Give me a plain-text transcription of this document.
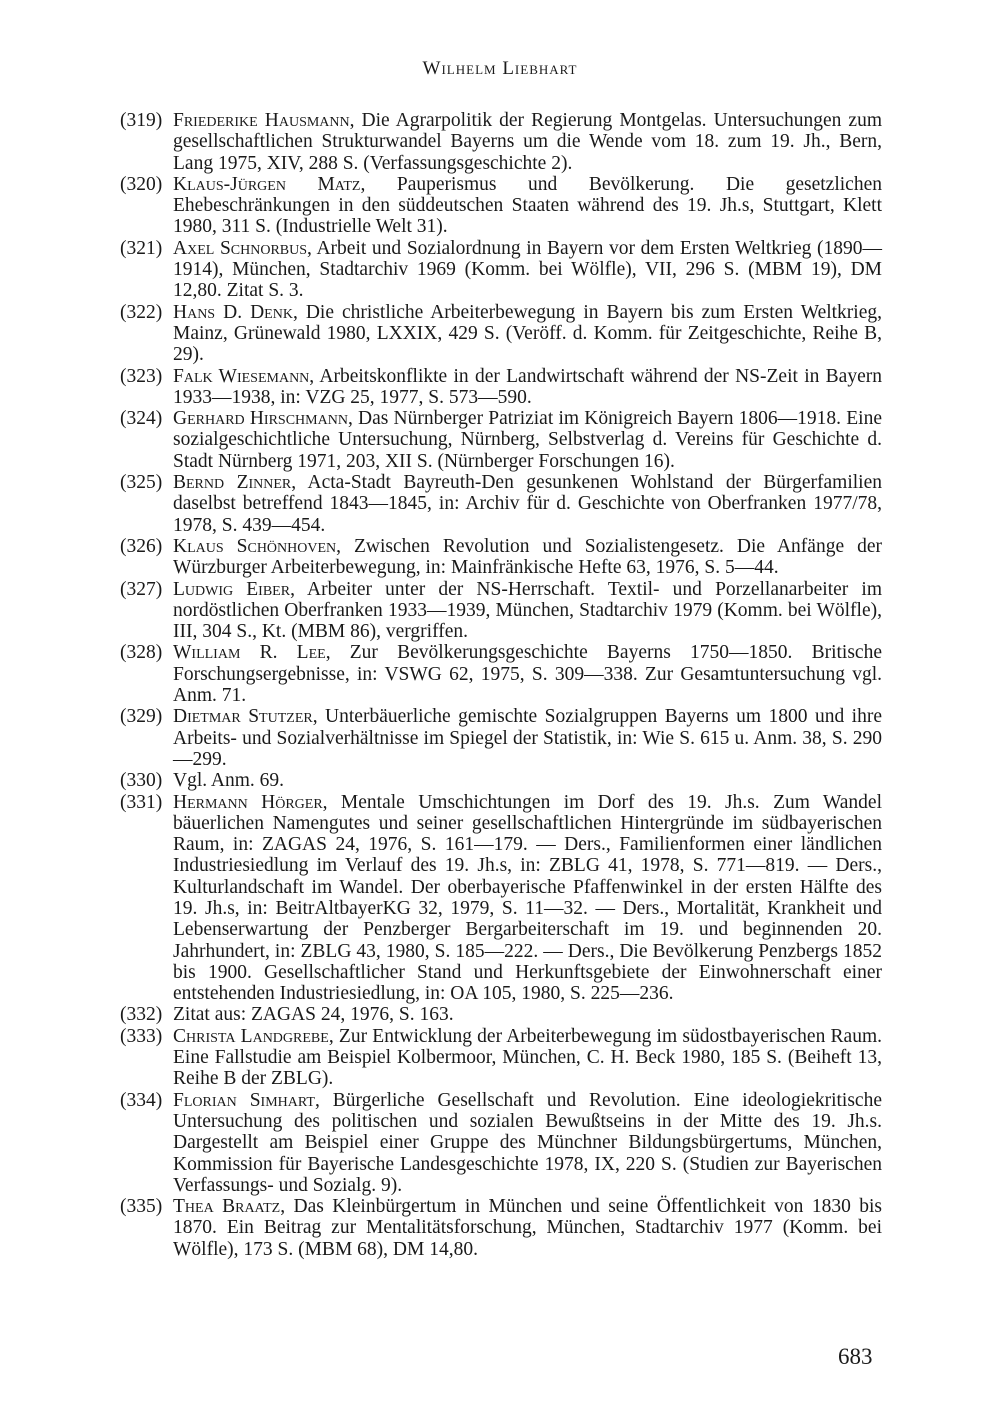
Wilhelm Liebhart
(319) Friederike Hausmann, Die Agrarpolitik der Regierung Montgelas. Untersuchungen zum gesellschaftlichen Strukturwandel Bayerns um die Wende vom 18. zum 19. Jh., Bern, Lang 1975, XIV, 288 S. (Verfassungsgeschichte 2).
(320) Klaus-Jürgen Matz, Pauperismus und Bevölkerung. Die gesetzlichen Ehebeschränkungen in den süddeutschen Staaten während des 19. Jh.s, Stuttgart, Klett 1980, 311 S. (Industrielle Welt 31).
(321) Axel Schnorbus, Arbeit und Sozialordnung in Bayern vor dem Ersten Weltkrieg (1890—1914), München, Stadtarchiv 1969 (Komm. bei Wölfle), VII, 296 S. (MBM 19), DM 12,80. Zitat S. 3.
(322) Hans D. Denk, Die christliche Arbeiterbewegung in Bayern bis zum Ersten Weltkrieg, Mainz, Grünewald 1980, LXXIX, 429 S. (Veröff. d. Komm. für Zeitgeschichte, Reihe B, 29).
(323) Falk Wiesemann, Arbeitskonflikte in der Landwirtschaft während der NS-Zeit in Bayern 1933—1938, in: VZG 25, 1977, S. 573—590.
(324) Gerhard Hirschmann, Das Nürnberger Patriziat im Königreich Bayern 1806—1918. Eine sozialgeschichtliche Untersuchung, Nürnberg, Selbstverlag d. Vereins für Geschichte d. Stadt Nürnberg 1971, 203, XII S. (Nürnberger Forschungen 16).
(325) Bernd Zinner, Acta-Stadt Bayreuth-Den gesunkenen Wohlstand der Bürgerfamilien daselbst betreffend 1843—1845, in: Archiv für d. Geschichte von Oberfranken 1977/78, 1978, S. 439—454.
(326) Klaus Schönhoven, Zwischen Revolution und Sozialistengesetz. Die Anfänge der Würzburger Arbeiterbewegung, in: Mainfränkische Hefte 63, 1976, S. 5—44.
(327) Ludwig Eiber, Arbeiter unter der NS-Herrschaft. Textil- und Porzellanarbeiter im nordöstlichen Oberfranken 1933—1939, München, Stadtarchiv 1979 (Komm. bei Wölfle), III, 304 S., Kt. (MBM 86), vergriffen.
(328) William R. Lee, Zur Bevölkerungsgeschichte Bayerns 1750—1850. Britische Forschungsergebnisse, in: VSWG 62, 1975, S. 309—338. Zur Gesamtuntersuchung vgl. Anm. 71.
(329) Dietmar Stutzer, Unterbäuerliche gemischte Sozialgruppen Bayerns um 1800 und ihre Arbeits- und Sozialverhältnisse im Spiegel der Statistik, in: Wie S. 615 u. Anm. 38, S. 290—299.
(330) Vgl. Anm. 69.
(331) Hermann Hörger, Mentale Umschichtungen im Dorf des 19. Jh.s. Zum Wandel bäuerlichen Namengutes und seiner gesellschaftlichen Hintergründe im südbayerischen Raum, in: ZAGAS 24, 1976, S. 161—179. — Ders., Familienformen einer ländlichen Industriesiedlung im Verlauf des 19. Jh.s, in: ZBLG 41, 1978, S. 771—819. — Ders., Kulturlandschaft im Wandel. Der oberbayerische Pfaffenwinkel in der ersten Hälfte des 19. Jh.s, in: BeitrAltbayerKG 32, 1979, S. 11—32. — Ders., Mortalität, Krankheit und Lebenserwartung der Penzberger Bergarbeiterschaft im 19. und beginnenden 20. Jahrhundert, in: ZBLG 43, 1980, S. 185—222. — Ders., Die Bevölkerung Penzbergs 1852 bis 1900. Gesellschaftlicher Stand und Herkunftsgebiete der Einwohnerschaft einer entstehenden Industriesiedlung, in: OA 105, 1980, S. 225—236.
(332) Zitat aus: ZAGAS 24, 1976, S. 163.
(333) Christa Landgrebe, Zur Entwicklung der Arbeiterbewegung im südostbayerischen Raum. Eine Fallstudie am Beispiel Kolbermoor, München, C. H. Beck 1980, 185 S. (Beiheft 13, Reihe B der ZBLG).
(334) Florian Simhart, Bürgerliche Gesellschaft und Revolution. Eine ideologiekritische Untersuchung des politischen und sozialen Bewußtseins in der Mitte des 19. Jh.s. Dargestellt am Beispiel einer Gruppe des Münchner Bildungsbürgertums, München, Kommission für Bayerische Landesgeschichte 1978, IX, 220 S. (Studien zur Bayerischen Verfassungs- und Sozialg. 9).
(335) Thea Braatz, Das Kleinbürgertum in München und seine Öffentlichkeit von 1830 bis 1870. Ein Beitrag zur Mentalitätsforschung, München, Stadtarchiv 1977 (Komm. bei Wölfle), 173 S. (MBM 68), DM 14,80.
683
